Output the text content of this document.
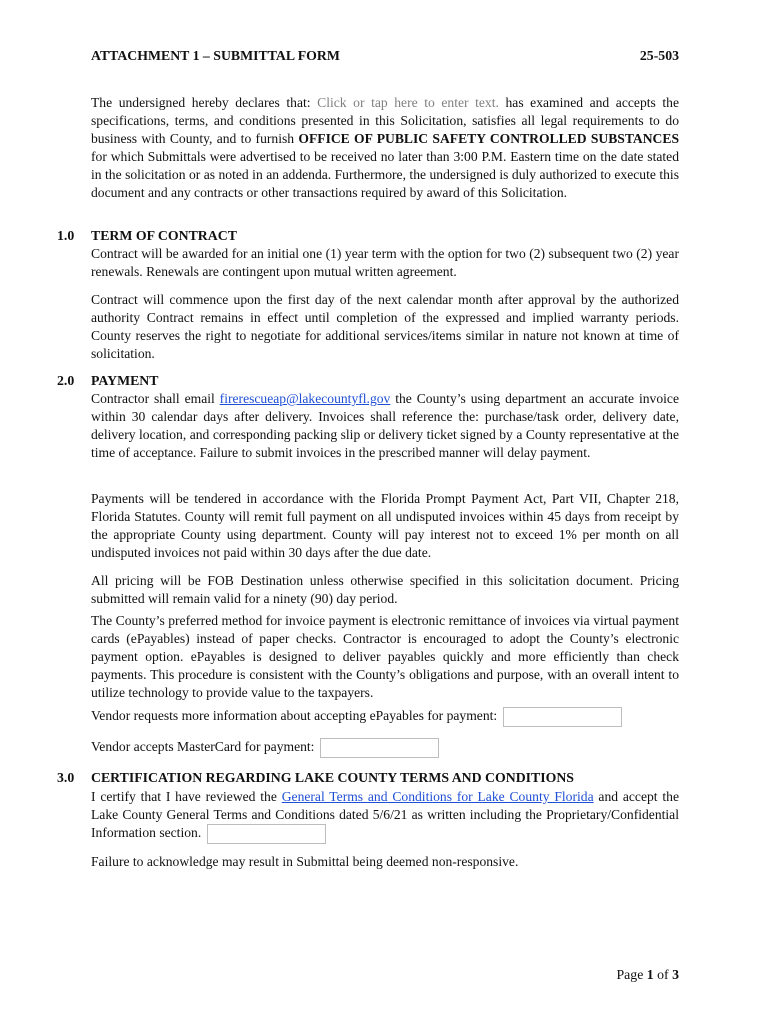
ATTACHMENT 1 – SUBMITTAL FORM	25-503

The undersigned hereby declares that: Click or tap here to enter text. has examined and accepts the specifications, terms, and conditions presented in this Solicitation, satisfies all legal requirements to do business with County, and to furnish OFFICE OF PUBLIC SAFETY CONTROLLED SUBSTANCES for which Submittals were advertised to be received no later than 3:00 P.M. Eastern time on the date stated in the solicitation or as noted in an addenda. Furthermore, the undersigned is duly authorized to execute this document and any contracts or other transactions required by award of this Solicitation.

1.0 TERM OF CONTRACT

Contract will be awarded for an initial one (1) year term with the option for two (2) subsequent two (2) year renewals. Renewals are contingent upon mutual written agreement.

Contract will commence upon the first day of the next calendar month after approval by the authorized authority Contract remains in effect until completion of the expressed and implied warranty periods. County reserves the right to negotiate for additional services/items similar in nature not known at time of solicitation.

2.0 PAYMENT

Contractor shall email firerescueap@lakecountyfl.gov the County’s using department an accurate invoice within 30 calendar days after delivery. Invoices shall reference the: purchase/task order, delivery date, delivery location, and corresponding packing slip or delivery ticket signed by a County representative at the time of acceptance. Failure to submit invoices in the prescribed manner will delay payment.

Payments will be tendered in accordance with the Florida Prompt Payment Act, Part VII, Chapter 218, Florida Statutes. County will remit full payment on all undisputed invoices within 45 days from receipt by the appropriate County using department. County will pay interest not to exceed 1% per month on all undisputed invoices not paid within 30 days after the due date.

All pricing will be FOB Destination unless otherwise specified in this solicitation document. Pricing submitted will remain valid for a ninety (90) day period.

The County’s preferred method for invoice payment is electronic remittance of invoices via virtual payment cards (ePayables) instead of paper checks. Contractor is encouraged to adopt the County’s electronic payment option. ePayables is designed to deliver payables quickly and more efficiently than check payments. This procedure is consistent with the County’s obligations and purpose, with an overall intent to utilize technology to provide value to the taxpayers.

Vendor requests more information about accepting ePayables for payment:
Vendor accepts MasterCard for payment:
3.0 CERTIFICATION REGARDING LAKE COUNTY TERMS AND CONDITIONS

I certify that I have reviewed the General Terms and Conditions for Lake County Florida and accept the Lake County General Terms and Conditions dated 5/6/21 as written including the Proprietary/Confidential Information section.

Failure to acknowledge may result in Submittal being deemed non-responsive.

Page 1 of 3
